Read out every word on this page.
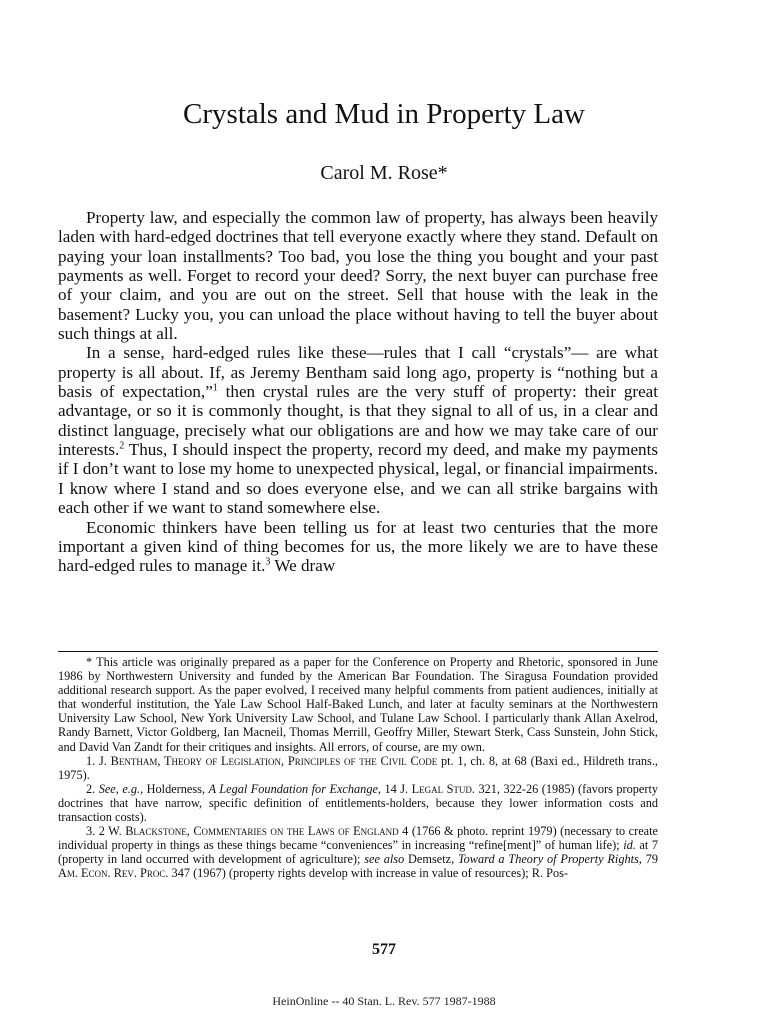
Crystals and Mud in Property Law
Carol M. Rose*

Property law, and especially the common law of property, has always been heavily laden with hard-edged doctrines that tell everyone exactly where they stand. Default on paying your loan installments? Too bad, you lose the thing you bought and your past payments as well. Forget to record your deed? Sorry, the next buyer can purchase free of your claim, and you are out on the street. Sell that house with the leak in the basement? Lucky you, you can unload the place without having to tell the buyer about such things at all.

In a sense, hard-edged rules like these—rules that I call “crystals”— are what property is all about. If, as Jeremy Bentham said long ago, property is “nothing but a basis of expectation,”$^1$ then crystal rules are the very stuff of property: their great advantage, or so it is commonly thought, is that they signal to all of us, in a clear and distinct language, precisely what our obligations are and how we may take care of our interests.$^2$ Thus, I should inspect the property, record my deed, and make my payments if I don’t want to lose my home to unexpected physical, legal, or financial impairments. I know where I stand and so does everyone else, and we can all strike bargains with each other if we want to stand somewhere else.

Economic thinkers have been telling us for at least two centuries that the more important a given kind of thing becomes for us, the more likely we are to have these hard-edged rules to manage it.$^3$ We draw

* This article was originally prepared as a paper for the Conference on Property and Rhetoric, sponsored in June 1986 by Northwestern University and funded by the American Bar Foundation. The Siragusa Foundation provided additional research support. As the paper evolved, I received many helpful comments from patient audiences, initially at that wonderful institution, the Yale Law School Half-Baked Lunch, and later at faculty seminars at the Northwestern University Law School, New York University Law School, and Tulane Law School. I particularly thank Allan Axelrod, Randy Barnett, Victor Goldberg, Ian Macneil, Thomas Merrill, Geoffry Miller, Stewart Sterk, Cass Sunstein, John Stick, and David Van Zandt for their critiques and insights. All errors, of course, are my own.

1. J. Bentham, Theory of Legislation, Principles of the Civil Code pt. 1, ch. 8, at 68 (Baxi ed., Hildreth trans., 1975).

2. See, e.g., Holderness, A Legal Foundation for Exchange, 14 J. Legal Stud. 321, 322-26 (1985) (favors property doctrines that have narrow, specific definition of entitlements-holders, because they lower information costs and transaction costs).

3. 2 W. Blackstone, Commentaries on the Laws of England 4 (1766 & photo. reprint 1979) (necessary to create individual property in things as these things became “conveniences” in increasing “refine[ment]” of human life); id. at 7 (property in land occurred with development of agriculture); see also Demsetz, Toward a Theory of Property Rights, 79 Am. Econ. Rev. Proc. 347 (1967) (property rights develop with increase in value of resources); R. Pos-

577
HeinOnline -- 40 Stan. L. Rev. 577 1987-1988
